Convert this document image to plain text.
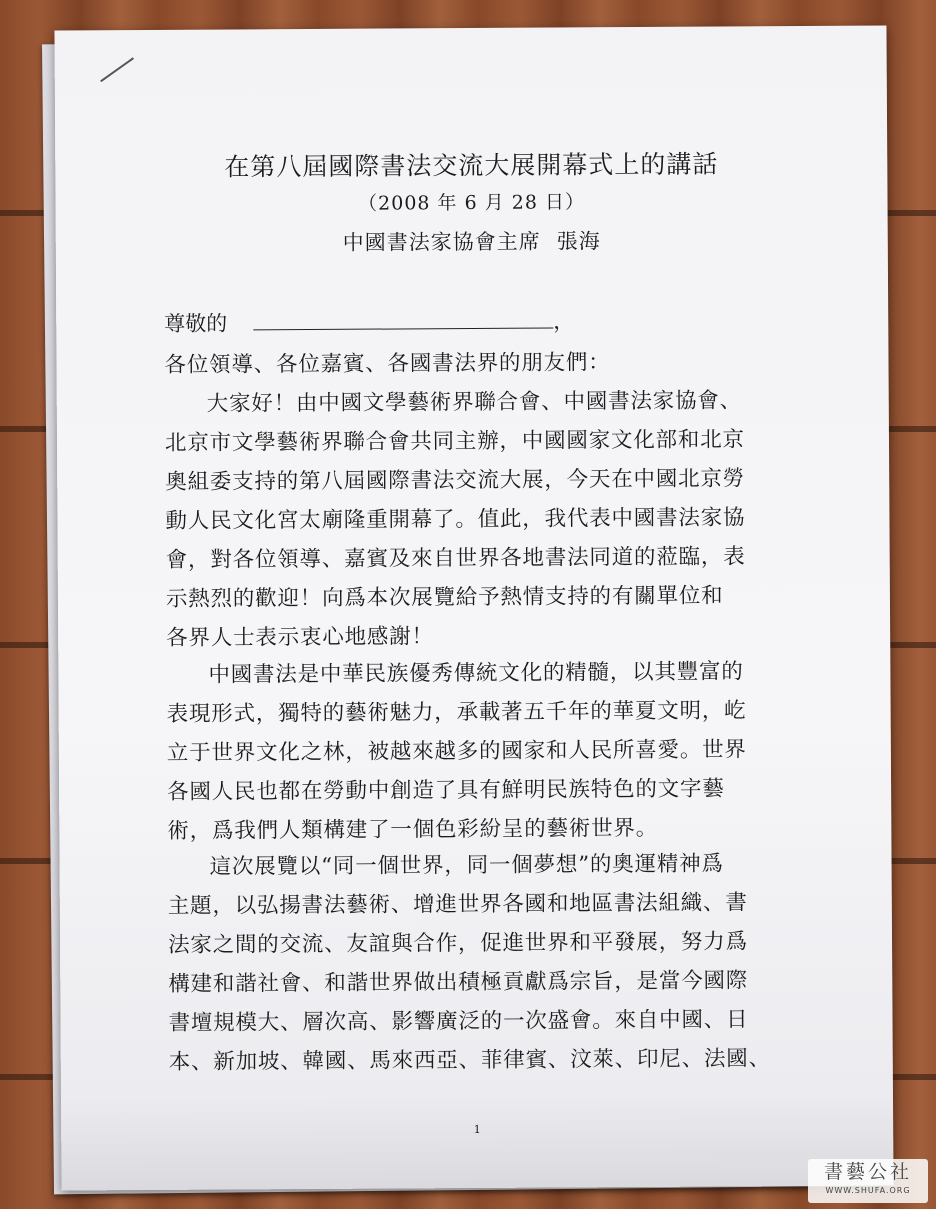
在第八屆國際書法交流大展開幕式上的講話
（2008 年 6 月 28 日）
中國書法家協會主席 張海
尊敬的	，
各位領導、各位嘉賓、各國書法界的朋友們：
大家好！由中國文學藝術界聯合會、中國書法家協會、
北京市文學藝術界聯合會共同主辦，中國國家文化部和北京
奧組委支持的第八屆國際書法交流大展，今天在中國北京勞
動人民文化宮太廟隆重開幕了。值此，我代表中國書法家協
會，對各位領導、嘉賓及來自世界各地書法同道的蒞臨，表
示熱烈的歡迎！向爲本次展覽給予熱情支持的有關單位和
各界人士表示衷心地感謝！
中國書法是中華民族優秀傳統文化的精髓，以其豐富的
表現形式，獨特的藝術魅力，承載著五千年的華夏文明，屹
立于世界文化之林，被越來越多的國家和人民所喜愛。世界
各國人民也都在勞動中創造了具有鮮明民族特色的文字藝
術，爲我們人類構建了一個色彩紛呈的藝術世界。
這次展覽以“同一個世界，同一個夢想”的奧運精神爲
主題，以弘揚書法藝術、增進世界各國和地區書法組織、書
法家之間的交流、友誼與合作，促進世界和平發展，努力爲
構建和諧社會、和諧世界做出積極貢獻爲宗旨，是當今國際
書壇規模大、層次高、影響廣泛的一次盛會。來自中國、日
本、新加坡、韓國、馬來西亞、菲律賓、汶萊、印尼、法國、
1
書藝公社
WWW.SHUFA.ORG
